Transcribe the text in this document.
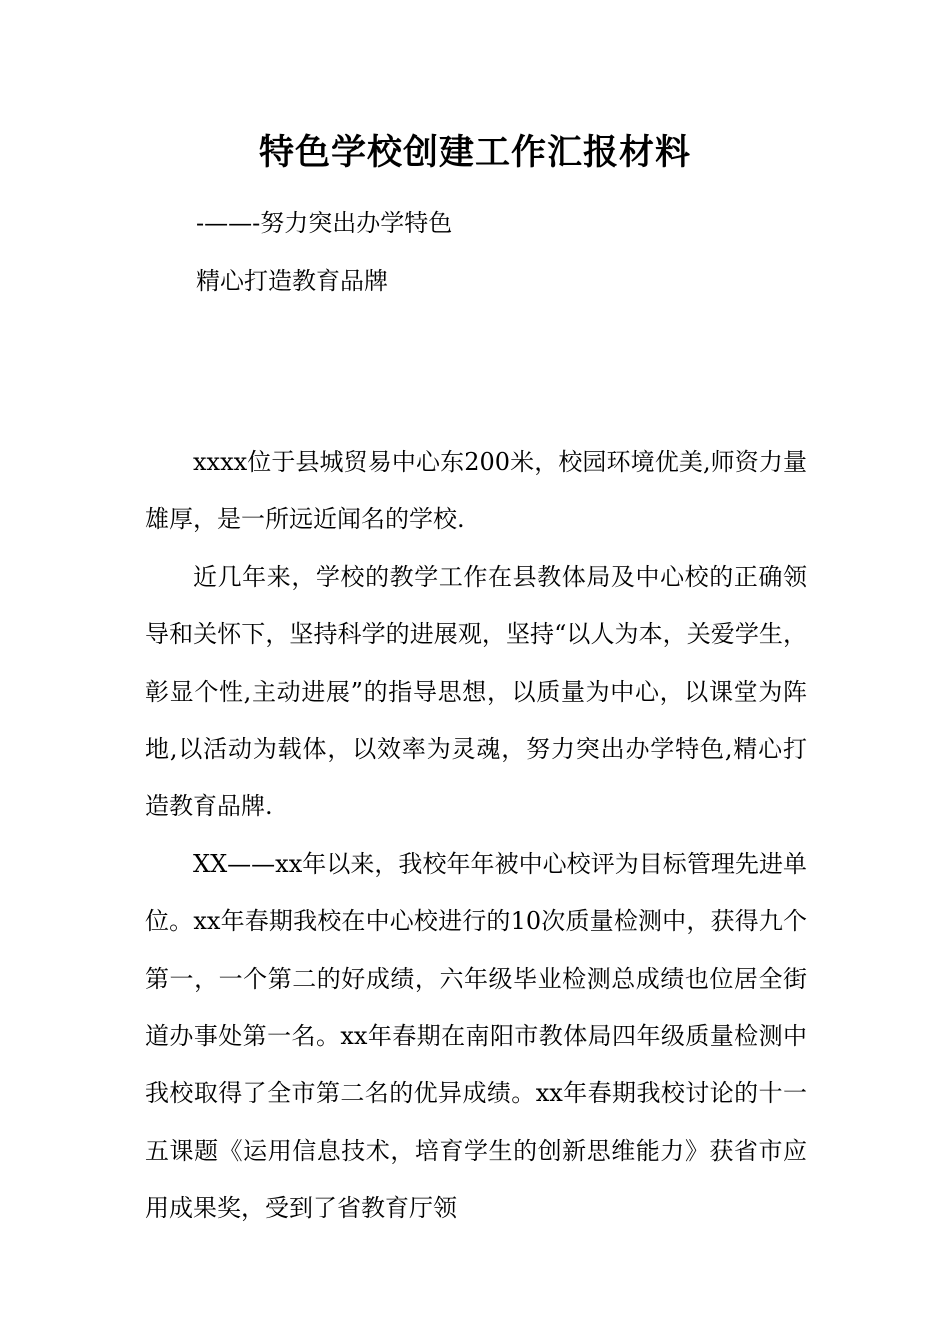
特色学校创建工作汇报材料
-——-努力突出办学特色
精心打造教育品牌

xxxx位于县城贸易中心东200米，校园环境优美,师资力量雄厚，是一所远近闻名的学校.

近几年来，学校的教学工作在县教体局及中心校的正确领导和关怀下，坚持科学的进展观，坚持“以人为本，关爱学生，彰显个性,主动进展”的指导思想，以质量为中心，以课堂为阵地,以活动为载体，以效率为灵魂，努力突出办学特色,精心打造教育品牌.

XX——xx年以来，我校年年被中心校评为目标管理先进单位。xx年春期我校在中心校进行的10次质量检测中，获得九个第一，一个第二的好成绩，六年级毕业检测总成绩也位居全街道办事处第一名。xx年春期在南阳市教体局四年级质量检测中我校取得了全市第二名的优异成绩。xx年春期我校讨论的十一五课题《运用信息技术，培育学生的创新思维能力》获省市应用成果奖，受到了省教育厅领
